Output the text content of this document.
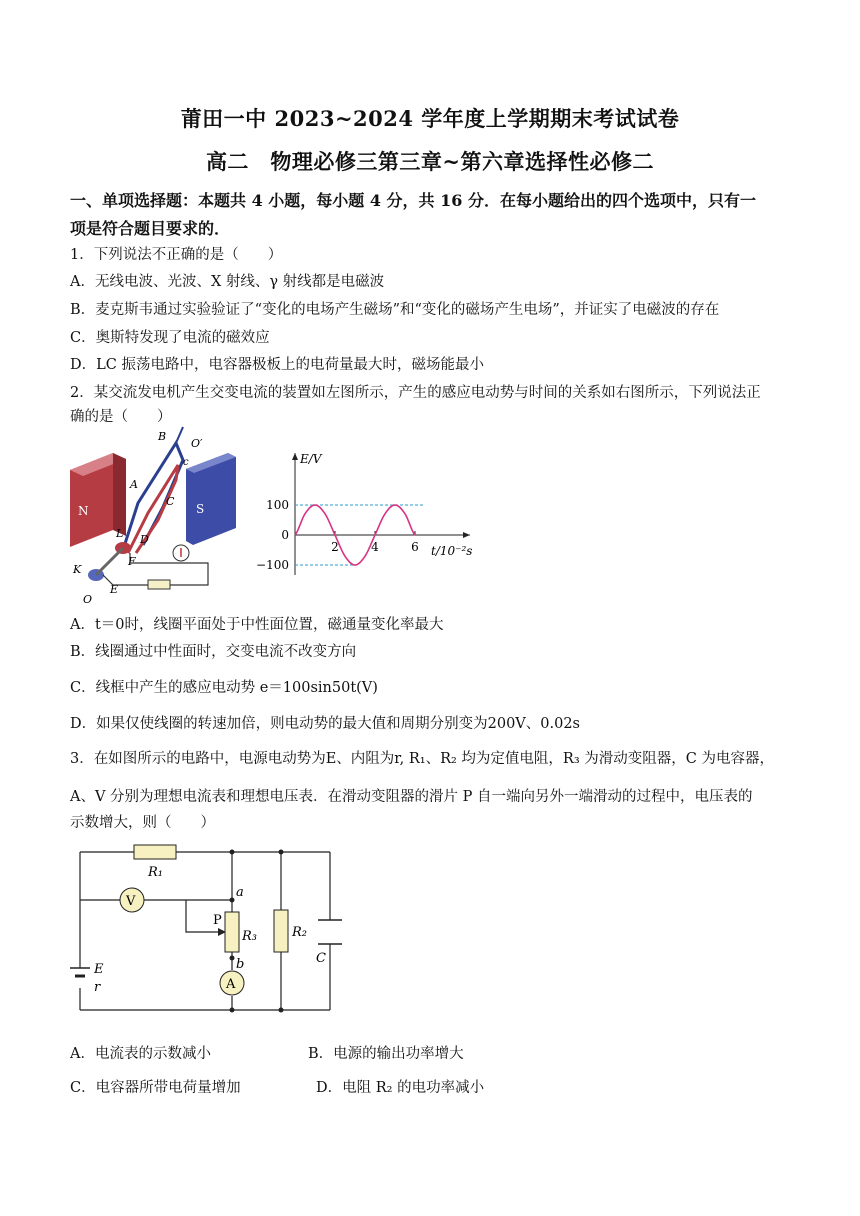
莆田一中 2023~2024 学年度上学期期末考试试卷
高二　物理必修三第三章~第六章选择性必修二
一、单项选择题：本题共 4 小题，每小题 4 分，共 16 分．在每小题给出的四个选项中，只有一
项是符合题目要求的．
1．下列说法不正确的是（　　）
A．无线电波、光波、X 射线、γ 射线都是电磁波
B．麦克斯韦通过实验验证了“变化的电场产生磁场”和“变化的磁场产生电场”，并证实了电磁波的存在
C．奥斯特发现了电流的磁效应
D．LC 振荡电路中，电容器极板上的电荷量最大时，磁场能最小
2．某交流发电机产生交变电流的装置如左图所示，产生的感应电动势与时间的关系如右图所示，下列说法正
确的是（　　）
N	S
B
O′
c
A
C
L D
F
K
E
O
E/V
t/10⁻²s
100
0
−100
2	4	6
A．t＝0时，线圈平面处于中性面位置，磁通量变化率最大
B．线圈通过中性面时，交变电流不改变方向
C．线框中产生的感应电动势 e＝100sin50t(V)
D．如果仅使线圈的转速加倍，则电动势的最大值和周期分别变为200V、0.02s
3．在如图所示的电路中，电源电动势为E、内阻为r, R₁、R₂ 均为定值电阻，R₃ 为滑动变阻器，C 为电容器，
A、V 分别为理想电流表和理想电压表．在滑动变阻器的滑片 P 自一端向另外一端滑动的过程中，电压表的
示数增大，则（　　）
R₁
V
R₃
P
a
b
A
R₂
C
E
r
A．电流表的示数减小	B．电源的输出功率增大
C．电容器所带电荷量增加	D．电阻 R₂ 的电功率减小
